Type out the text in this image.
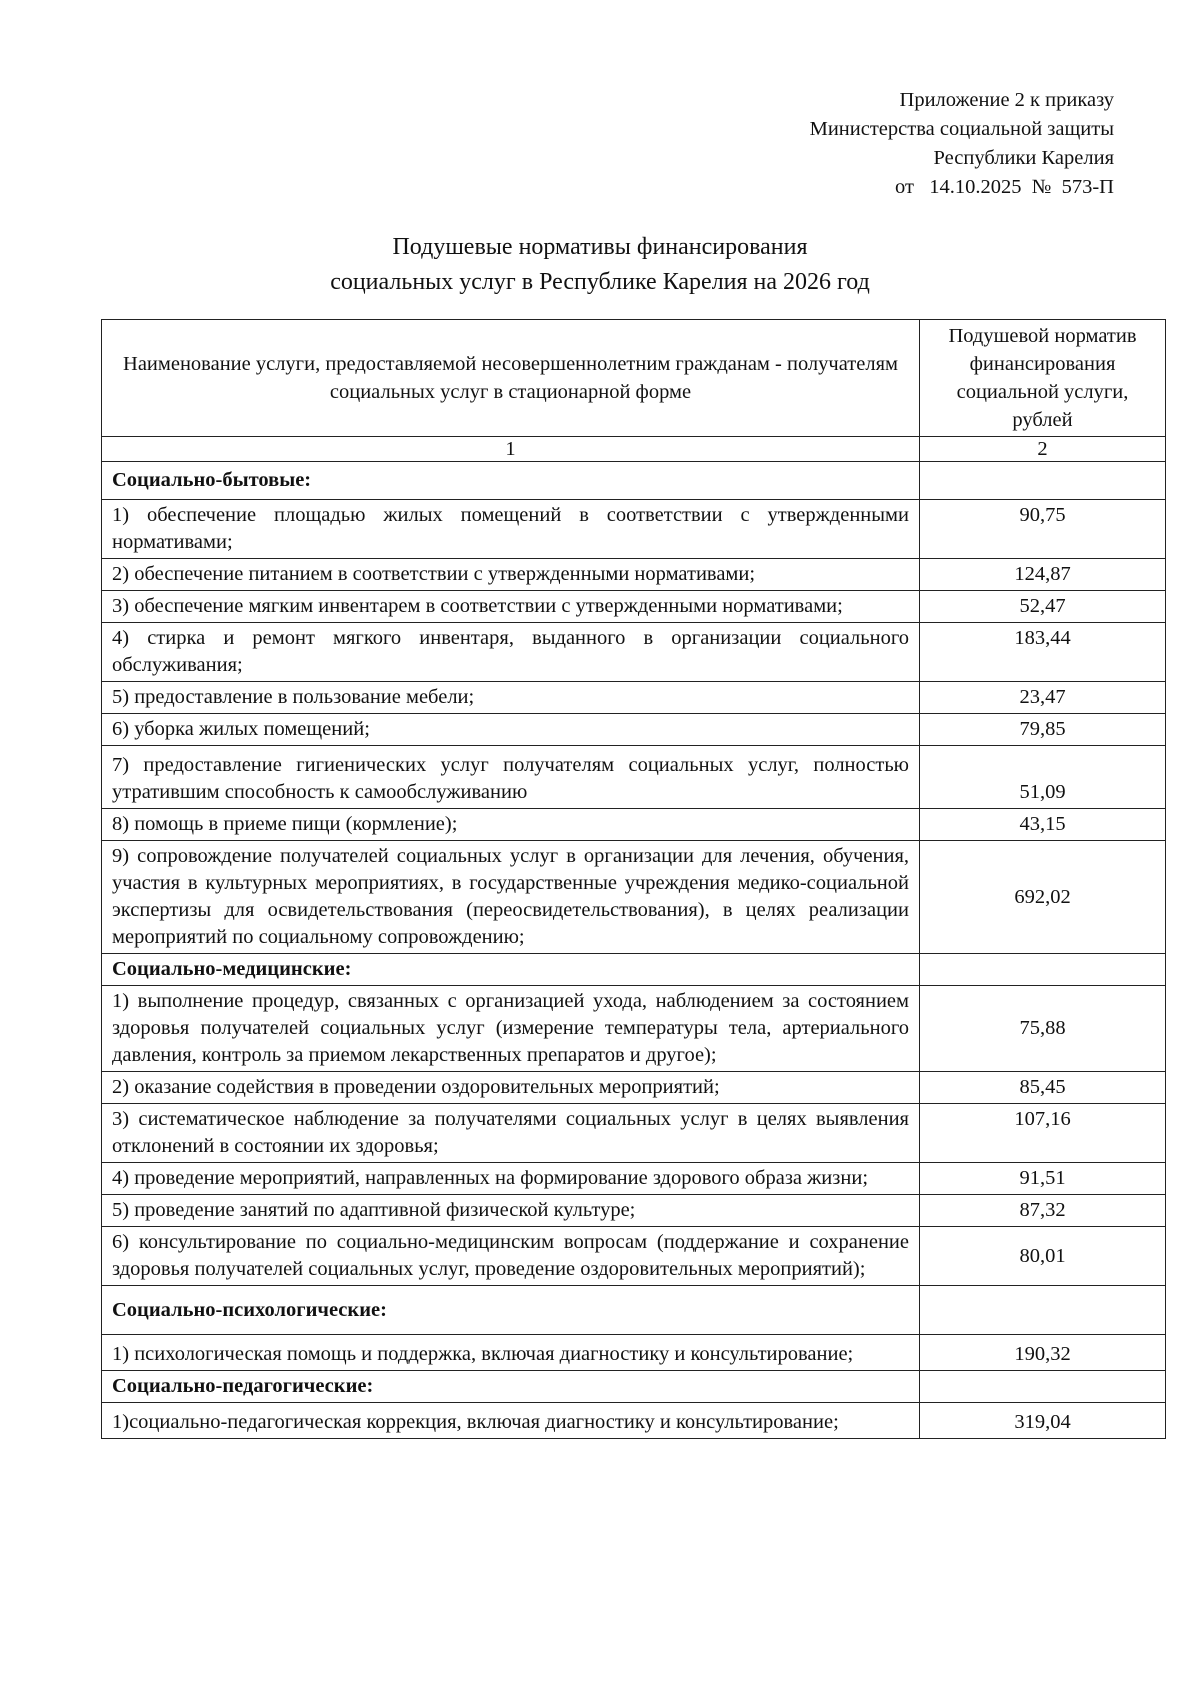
Приложение 2 к приказу
Министерства социальной защиты
Республики Карелия
от   14.10.2025  №  573-П
Подушевые нормативы финансирования
социальных услуг в Республике Карелия на 2026 год
Наименование услуги, предоставляемой несовершеннолетним гражданам - получателям социальных услуг в стационарной форме	Подушевой норматив финансирования социальной услуги, рублей
1	2
Социально-бытовые:	
1) обеспечение площадью жилых помещений в соответствии с утвержденными нормативами;	90,75
2) обеспечение питанием в соответствии с утвержденными нормативами;	124,87
3) обеспечение мягким инвентарем в соответствии с утвержденными нормативами;	52,47
4) стирка и ремонт мягкого инвентаря, выданного в организации социального обслуживания;	183,44
5) предоставление в пользование мебели;	23,47
6) уборка жилых помещений;	79,85
7) предоставление гигиенических услуг получателям социальных услуг, полностью утратившим способность к самообслуживанию	51,09
8) помощь в приеме пищи (кормление);	43,15
9) сопровождение получателей социальных услуг в организации для лечения, обучения, участия в культурных мероприятиях, в государственные учреждения медико-социальной экспертизы для освидетельствования (переосвидетельствования), в целях реализации мероприятий по социальному сопровождению;	692,02
Социально-медицинские:	
1) выполнение процедур, связанных с организацией ухода, наблюдением за состоянием здоровья получателей социальных услуг (измерение температуры тела, артериального давления, контроль за приемом лекарственных препаратов и другое);	75,88
2) оказание содействия в проведении оздоровительных мероприятий;	85,45
3) систематическое наблюдение за получателями социальных услуг в целях выявления отклонений в состоянии их здоровья;	107,16
4) проведение мероприятий, направленных на формирование здорового образа жизни;	91,51
5) проведение занятий по адаптивной физической культуре;	87,32
6) консультирование по социально-медицинским вопросам (поддержание и сохранение здоровья получателей социальных услуг, проведение оздоровительных мероприятий);	80,01
Социально-психологические:	
1) психологическая помощь и поддержка, включая диагностику и консультирование;	190,32
Социально-педагогические:	
1)социально-педагогическая коррекция, включая диагностику и консультирование;	319,04
